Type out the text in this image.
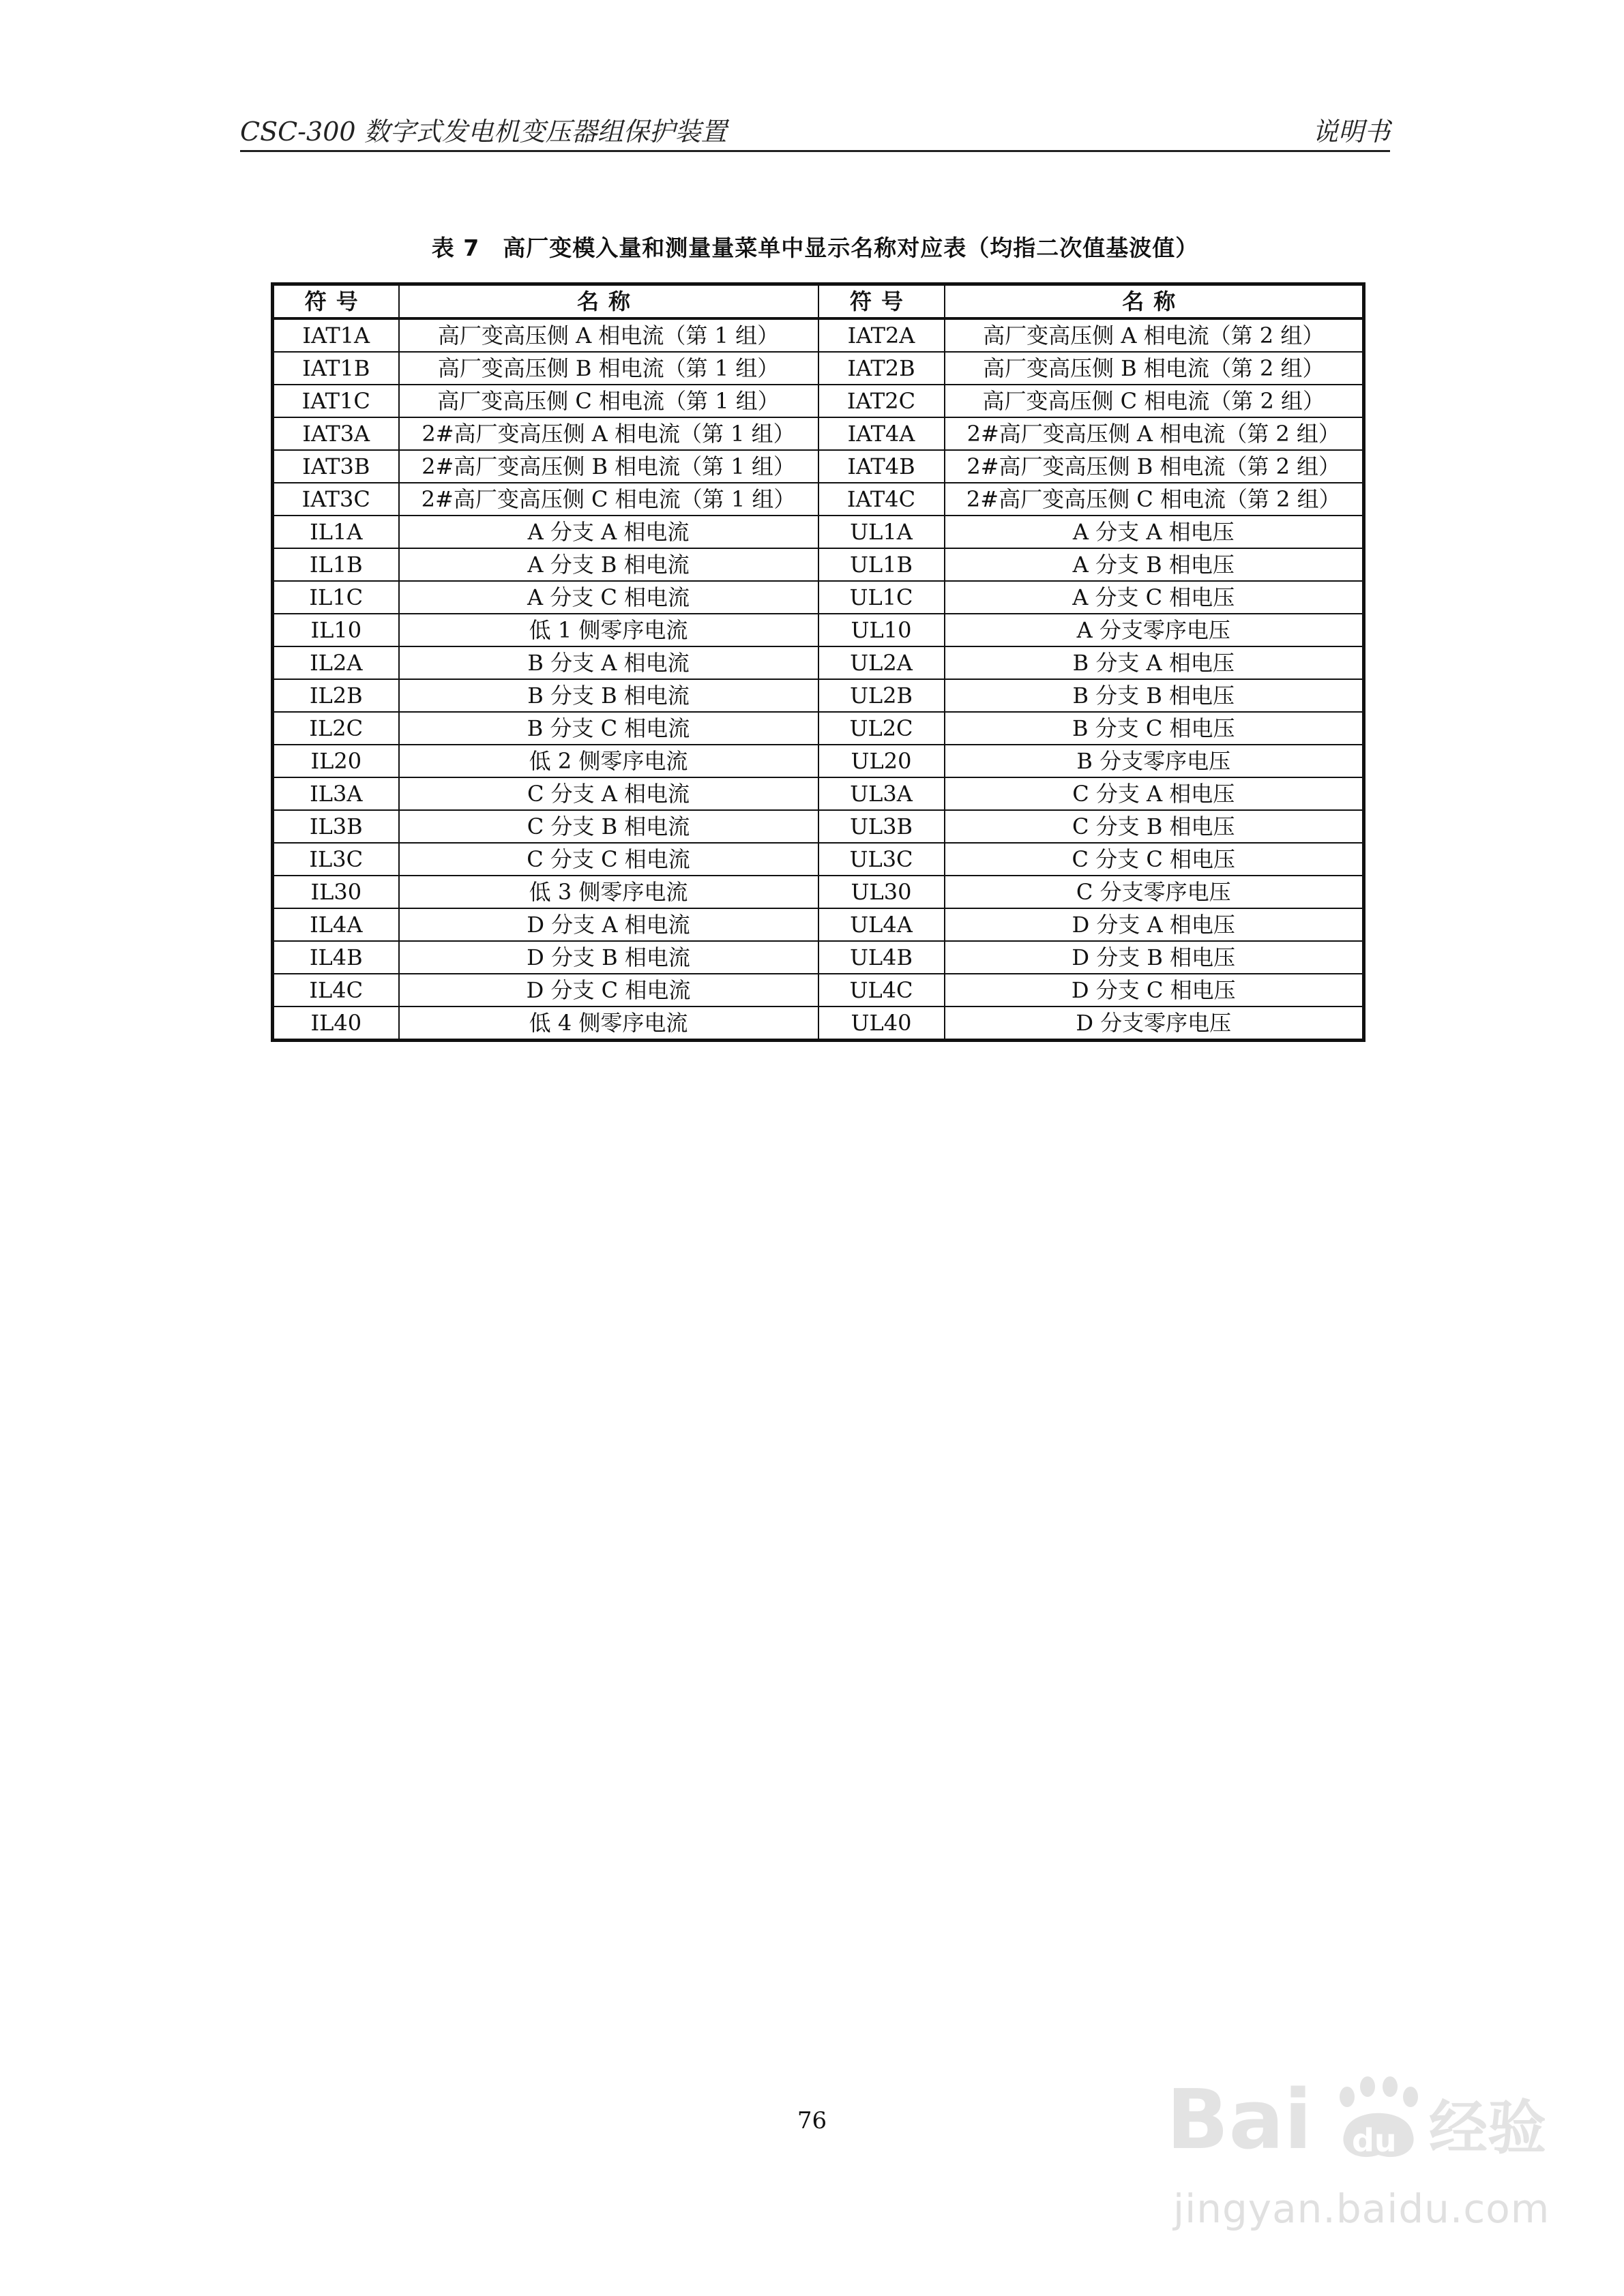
CSC-300 数字式发电机变压器组保护装置	说明书
表 7　高厂变模入量和测量量菜单中显示名称对应表（均指二次值基波值）
符号	名称	符号	名称
IAT1A	高厂变高压侧 A 相电流（第 1 组）	IAT2A	高厂变高压侧 A 相电流（第 2 组）
IAT1B	高厂变高压侧 B 相电流（第 1 组）	IAT2B	高厂变高压侧 B 相电流（第 2 组）
IAT1C	高厂变高压侧 C 相电流（第 1 组）	IAT2C	高厂变高压侧 C 相电流（第 2 组）
IAT3A	2#高厂变高压侧 A 相电流（第 1 组）	IAT4A	2#高厂变高压侧 A 相电流（第 2 组）
IAT3B	2#高厂变高压侧 B 相电流（第 1 组）	IAT4B	2#高厂变高压侧 B 相电流（第 2 组）
IAT3C	2#高厂变高压侧 C 相电流（第 1 组）	IAT4C	2#高厂变高压侧 C 相电流（第 2 组）
IL1A	A 分支 A 相电流	UL1A	A 分支 A 相电压
IL1B	A 分支 B 相电流	UL1B	A 分支 B 相电压
IL1C	A 分支 C 相电流	UL1C	A 分支 C 相电压
IL10	低 1 侧零序电流	UL10	A 分支零序电压
IL2A	B 分支 A 相电流	UL2A	B 分支 A 相电压
IL2B	B 分支 B 相电流	UL2B	B 分支 B 相电压
IL2C	B 分支 C 相电流	UL2C	B 分支 C 相电压
IL20	低 2 侧零序电流	UL20	B 分支零序电压
IL3A	C 分支 A 相电流	UL3A	C 分支 A 相电压
IL3B	C 分支 B 相电流	UL3B	C 分支 B 相电压
IL3C	C 分支 C 相电流	UL3C	C 分支 C 相电压
IL30	低 3 侧零序电流	UL30	C 分支零序电压
IL4A	D 分支 A 相电流	UL4A	D 分支 A 相电压
IL4B	D 分支 B 相电流	UL4B	D 分支 B 相电压
IL4C	D 分支 C 相电流	UL4C	D 分支 C 相电压
IL40	低 4 侧零序电流	UL40	D 分支零序电压
76	Bai du 经验
jingyan.baidu.com
